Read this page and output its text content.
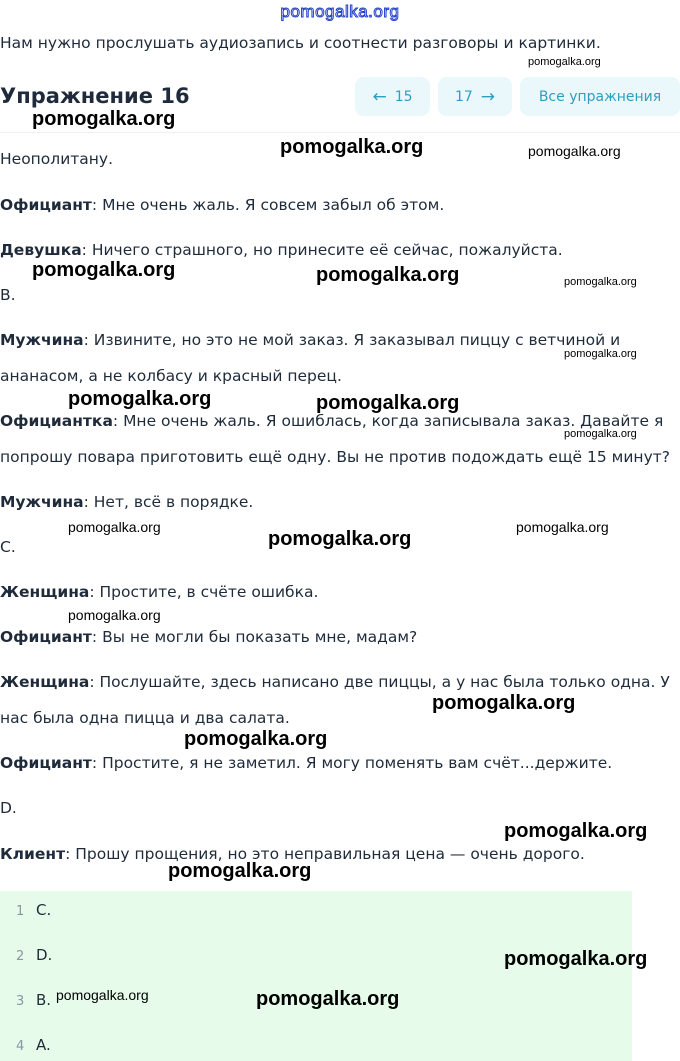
pomogalka.org
Нам нужно прослушать аудиозапись и соотнести разговоры и картинки.
Упражнение 16	← 15	17 →	Все упражнения
Неополитану.
Официант: Мне очень жаль. Я совсем забыл об этом.
Девушка: Ничего страшного, но принесите её сейчас, пожалуйста.
B.
Мужчина: Извините, но это не мой заказ. Я заказывал пиццу с ветчиной и
ананасом, а не колбасу и красный перец.
Официантка: Мне очень жаль. Я ошиблась, когда записывала заказ. Давайте я
попрошу повара приготовить ещё одну. Вы не против подождать ещё 15 минут?
Мужчина: Нет, всё в порядке.
C.
Женщина: Простите, в счёте ошибка.
Официант: Вы не могли бы показать мне, мадам?
Женщина: Послушайте, здесь написано две пиццы, а у нас была только одна. У
нас была одна пицца и два салата.
Официант: Простите, я не заметил. Я могу поменять вам счёт...держите.
D.
Клиент: Прошу прощения, но это неправильная цена — очень дорого.
1 C.
2 D.
3 B.
4 A.
pomogalka.org
pomogalka.org
pomogalka.org	pomogalka.org
pomogalka.org	pomogalka.org	pomogalka.org
pomogalka.org
pomogalka.org	pomogalka.org
pomogalka.org
pomogalka.org
pomogalka.org
pomogalka.org
pomogalka.org
pomogalka.org
pomogalka.org
pomogalka.org
pomogalka.org
pomogalka.org
pomogalka.org	pomogalka.org
